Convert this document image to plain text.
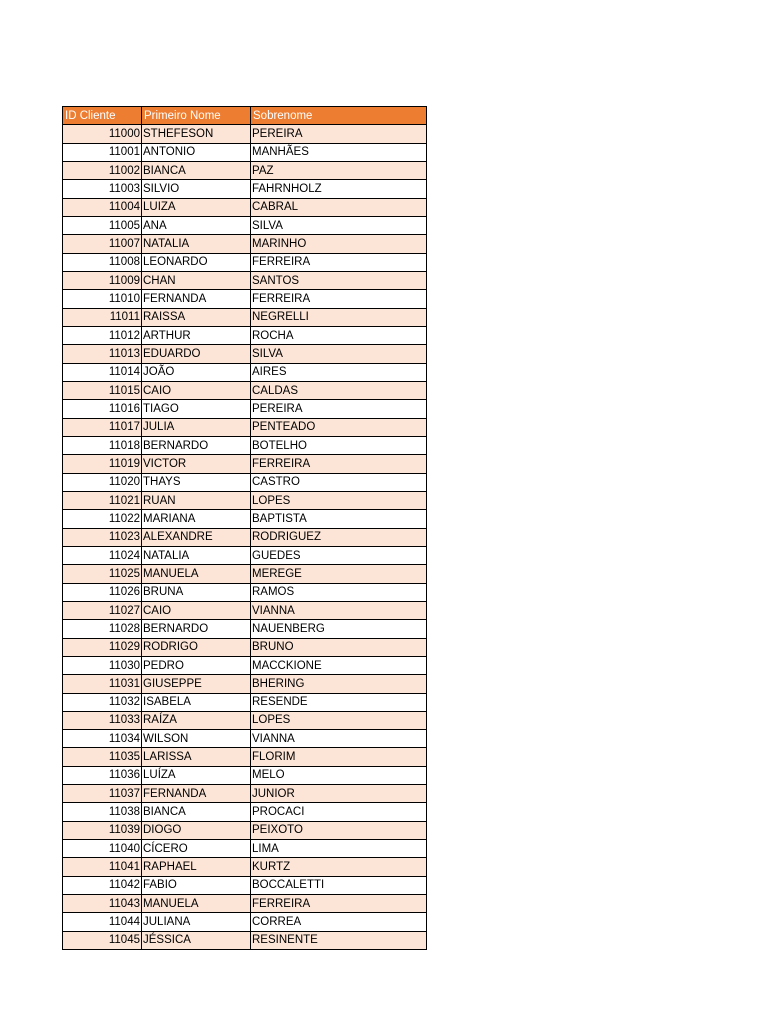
ID Cliente	Primeiro Nome	Sobrenome
11000	STHEFESON	PEREIRA
11001	ANTONIO	MANHÃES
11002	BIANCA	PAZ
11003	SILVIO	FAHRNHOLZ
11004	LUIZA	CABRAL
11005	ANA	SILVA
11007	NATALIA	MARINHO
11008	LEONARDO	FERREIRA
11009	CHAN	SANTOS
11010	FERNANDA	FERREIRA
11011	RAISSA	NEGRELLI
11012	ARTHUR	ROCHA
11013	EDUARDO	SILVA
11014	JOÃO	AIRES
11015	CAIO	CALDAS
11016	TIAGO	PEREIRA
11017	JULIA	PENTEADO
11018	BERNARDO	BOTELHO
11019	VICTOR	FERREIRA
11020	THAYS	CASTRO
11021	RUAN	LOPES
11022	MARIANA	BAPTISTA
11023	ALEXANDRE	RODRIGUEZ
11024	NATALIA	GUEDES
11025	MANUELA	MEREGE
11026	BRUNA	RAMOS
11027	CAIO	VIANNA
11028	BERNARDO	NAUENBERG
11029	RODRIGO	BRUNO
11030	PEDRO	MACCKIONE
11031	GIUSEPPE	BHERING
11032	ISABELA	RESENDE
11033	RAÍZA	LOPES
11034	WILSON	VIANNA
11035	LARISSA	FLORIM
11036	LUÍZA	MELO
11037	FERNANDA	JUNIOR
11038	BIANCA	PROCACI
11039	DIOGO	PEIXOTO
11040	CÍCERO	LIMA
11041	RAPHAEL	KURTZ
11042	FABIO	BOCCALETTI
11043	MANUELA	FERREIRA
11044	JULIANA	CORREA
11045	JÉSSICA	RESINENTE
